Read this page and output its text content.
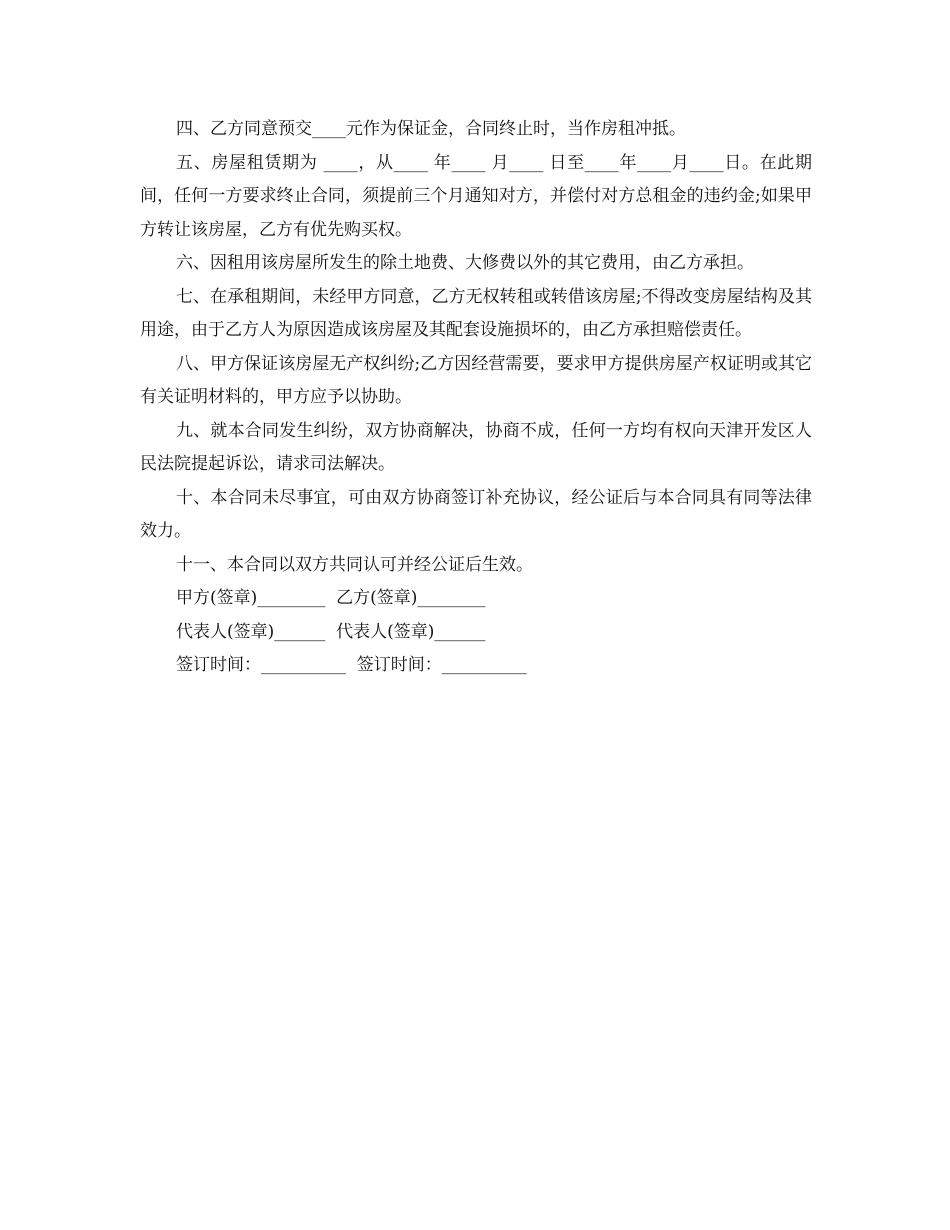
四、乙方同意预交____元作为保证金，合同终止时，当作房租冲抵。

五、房屋租赁期为 ____，从____ 年____ 月____ 日至____年____月____日。在此期间，任何一方要求终止合同，须提前三个月通知对方，并偿付对方总租金的违约金;如果甲方转让该房屋，乙方有优先购买权。

六、因租用该房屋所发生的除土地费、大修费以外的其它费用，由乙方承担。

七、在承租期间，未经甲方同意，乙方无权转租或转借该房屋;不得改变房屋结构及其用途，由于乙方人为原因造成该房屋及其配套设施损坏的，由乙方承担赔偿责任。

八、甲方保证该房屋无产权纠纷;乙方因经营需要，要求甲方提供房屋产权证明或其它有关证明材料的，甲方应予以协助。

九、就本合同发生纠纷，双方协商解决，协商不成，任何一方均有权向天津开发区人民法院提起诉讼，请求司法解决。

十、本合同未尽事宜，可由双方协商签订补充协议，经公证后与本合同具有同等法律效力。

十一、本合同以双方共同认可并经公证后生效。

甲方(签章)________  乙方(签章)________

代表人(签章)______  代表人(签章)______

签订时间：__________  签订时间：__________
